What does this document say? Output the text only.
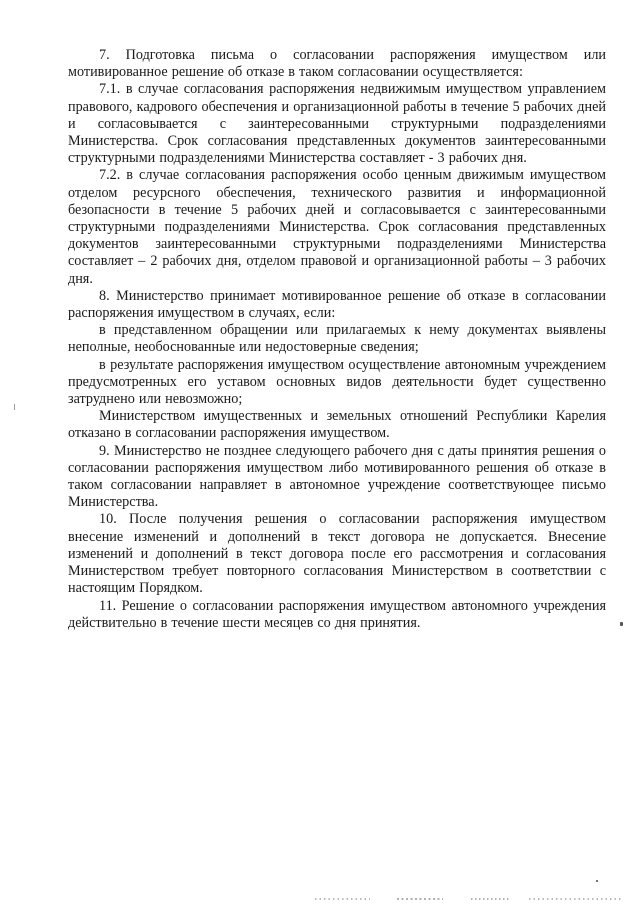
7. Подготовка письма о согласовании распоряжения имуществом или мотивированное решение об отказе в таком согласовании осуществляется:

7.1. в случае согласования распоряжения недвижимым имуществом управлением правового, кадрового обеспечения и организационной работы в течение 5 рабочих дней и согласовывается с заинтересованными структурными подразделениями Министерства. Срок согласования представленных документов заинтересованными структурными подразделениями Министерства составляет - 3 рабочих дня.

7.2. в случае согласования распоряжения особо ценным движимым имуществом отделом ресурсного обеспечения, технического развития и информационной безопасности в течение 5 рабочих дней и согласовывается с заинтересованными структурными подразделениями Министерства. Срок согласования представленных документов заинтересованными структурными подразделениями Министерства составляет – 2 рабочих дня, отделом правовой и организационной работы – 3 рабочих дня.

8. Министерство принимает мотивированное решение об отказе в согласовании распоряжения имуществом в случаях, если:

в представленном обращении или прилагаемых к нему документах выявлены неполные, необоснованные или недостоверные сведения;

в результате распоряжения имуществом осуществление автономным учреждением предусмотренных его уставом основных видов деятельности будет существенно затруднено или невозможно;

Министерством имущественных и земельных отношений Республики Карелия отказано в согласовании распоряжения имуществом.

9. Министерство не позднее следующего рабочего дня с даты принятия решения о согласовании распоряжения имуществом либо мотивированного решения об отказе в таком согласовании направляет в автономное учреждение соответствующее письмо Министерства.

10. После получения решения о согласовании распоряжения имуществом внесение изменений и дополнений в текст договора не допускается. Внесение изменений и дополнений в текст договора после его рассмотрения и согласования Министерством требует повторного согласования Министерством в соответствии с настоящим Порядком.

11. Решение о согласовании распоряжения имуществом автономного учреждения действительно в течение шести месяцев со дня принятия.
